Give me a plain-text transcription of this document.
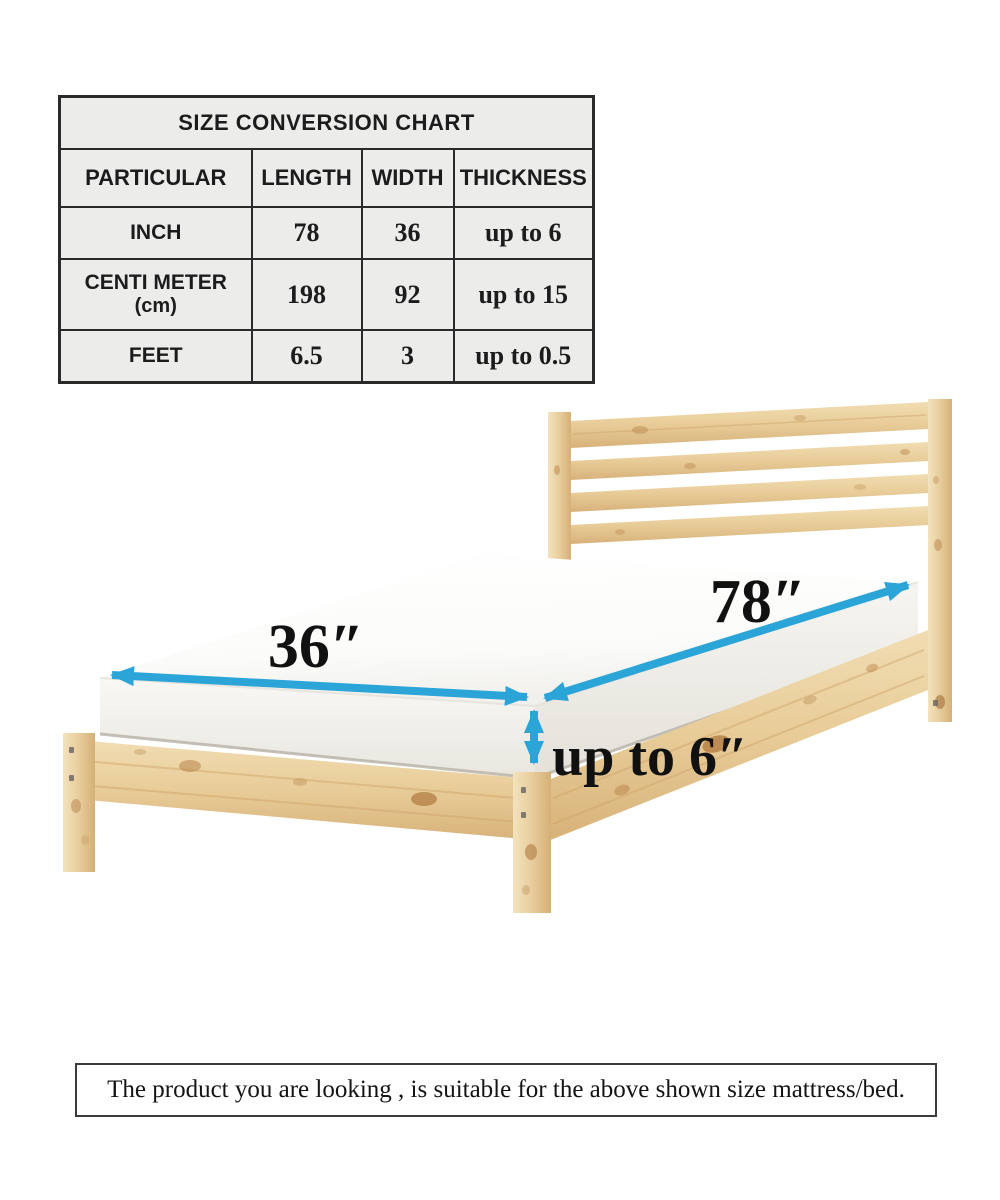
SIZE CONVERSION CHART			
PARTICULAR	LENGTH	WIDTH	THICKNESS
INCH	78	36	up to 6
CENTI METER
(cm)	198	92	up to 15
FEET	6.5	3	up to 0.5
36″
78″
up to 6″
The product you are looking , is suitable for the above shown size mattress/bed.
